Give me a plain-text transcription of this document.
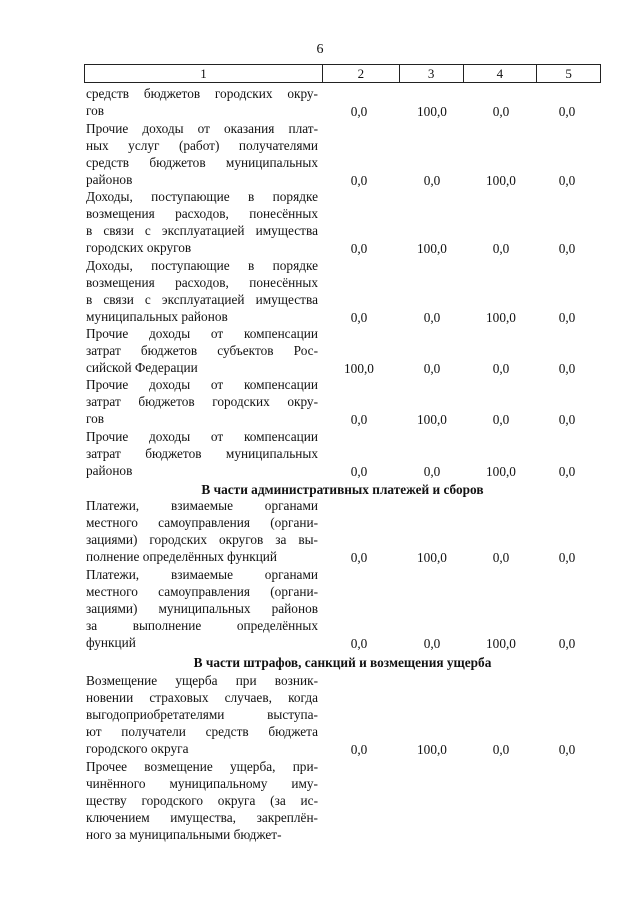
6
1	2	3	4	5
средств бюджетов городских окру-
гов	0,0	100,0	0,0	0,0
Прочие доходы от оказания плат-
ных услуг (работ) получателями
средств бюджетов муниципальных
районов	0,0	0,0	100,0	0,0
Доходы, поступающие в порядке
возмещения расходов, понесённых
в связи с эксплуатацией имущества
городских округов	0,0	100,0	0,0	0,0
Доходы, поступающие в порядке
возмещения расходов, понесённых
в связи с эксплуатацией имущества
муниципальных районов	0,0	0,0	100,0	0,0
Прочие доходы от компенсации
затрат бюджетов субъектов Рос-
сийской Федерации	100,0	0,0	0,0	0,0
Прочие доходы от компенсации
затрат бюджетов городских окру-
гов	0,0	100,0	0,0	0,0
Прочие доходы от компенсации
затрат бюджетов муниципальных
районов	0,0	0,0	100,0	0,0
Платежи, взимаемые органами
местного самоуправления (органи-
зациями) городских округов за вы-
полнение определённых функций	0,0	100,0	0,0	0,0
Платежи, взимаемые органами
местного самоуправления (органи-
зациями) муниципальных районов
за выполнение определённых
функций	0,0	0,0	100,0	0,0
Возмещение ущерба при возник-
новении страховых случаев, когда
выгодоприобретателями выступа-
ют получатели средств бюджета
городского округа	0,0	100,0	0,0	0,0
Прочее возмещение ущерба, при-
чинённого муниципальному иму-
ществу городского округа (за ис-
ключением имущества, закреплён-
ного за муниципальными бюджет-
В части административных платежей и сборов
В части штрафов, санкций и возмещения ущерба
